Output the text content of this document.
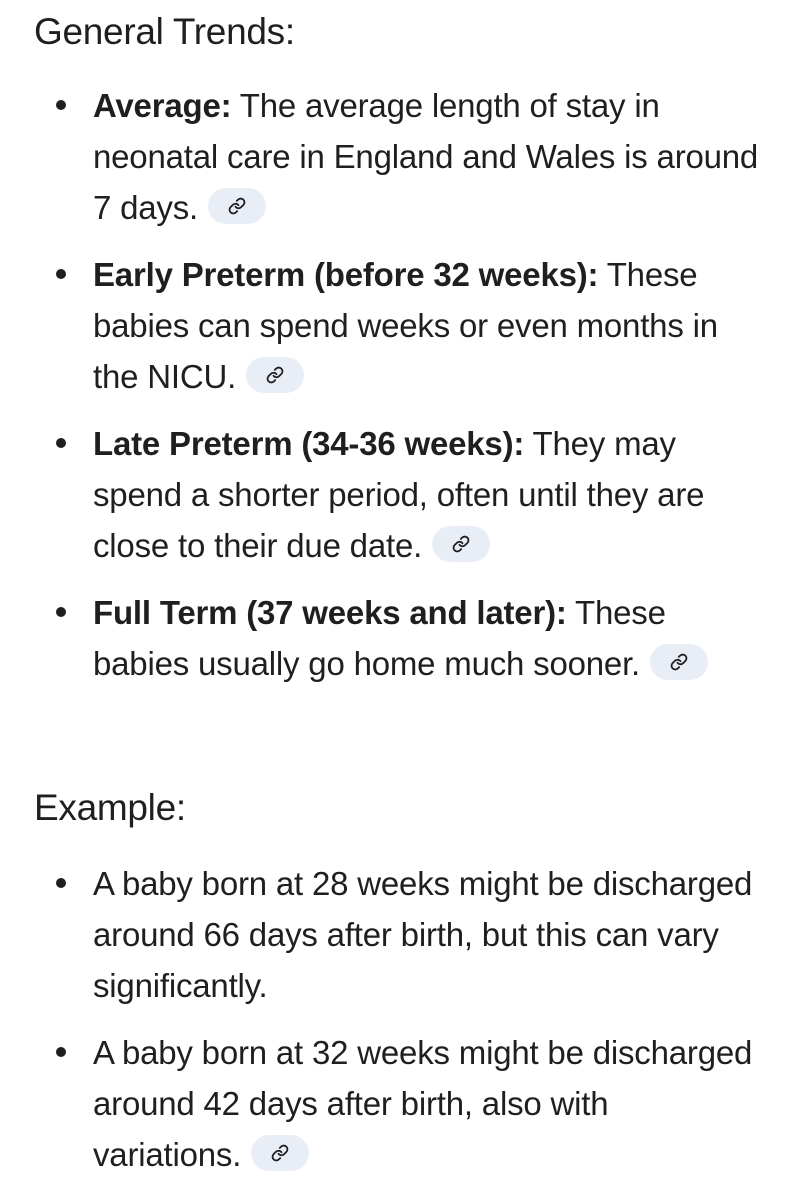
General Trends:
Average: The average length of stay in neonatal care in England and Wales is around 7 days.
Early Preterm (before 32 weeks): These babies can spend weeks or even months in the NICU.
Late Preterm (34-36 weeks): They may spend a shorter period, often until they are close to their due date.
Full Term (37 weeks and later): These babies usually go home much sooner.
Example:
A baby born at 28 weeks might be discharged around 66 days after birth, but this can vary significantly.
A baby born at 32 weeks might be discharged around 42 days after birth, also with variations.
